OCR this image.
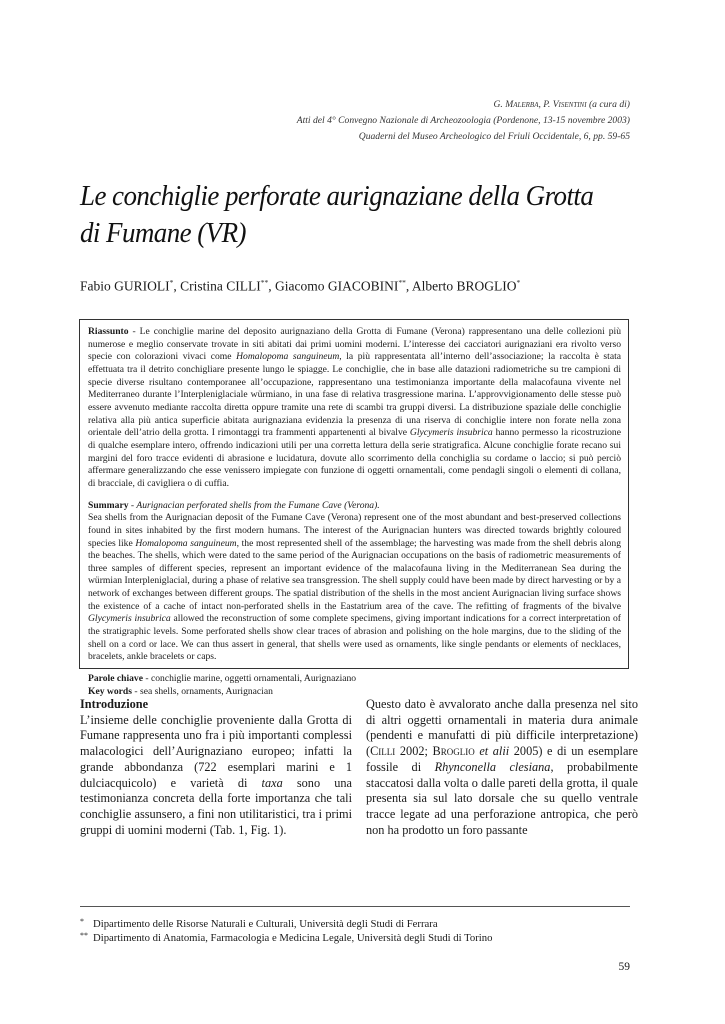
G. Malerba, P. Visentini (a cura di)
Atti del 4° Convegno Nazionale di Archeozoologia (Pordenone, 13-15 novembre 2003)
Quaderni del Museo Archeologico del Friuli Occidentale, 6, pp. 59-65
Le conchiglie perforate aurignaziane della Grotta di Fumane (VR)
Fabio GURIOLI*, Cristina CILLI**, Giacomo GIACOBINI**, Alberto BROGLIO*

Riassunto - Le conchiglie marine del deposito aurignaziano della Grotta di Fumane (Verona) rappresentano una delle collezioni più numerose e meglio conservate trovate in siti abitati dai primi uomini moderni. L’interesse dei cacciatori aurignaziani era rivolto verso specie con colorazioni vivaci come Homalopoma sanguineum, la più rappresentata all’interno dell’associazione; la raccolta è stata effettuata tra il detrito conchigliare presente lungo le spiagge. Le conchiglie, che in base alle datazioni radiometriche su tre campioni di specie diverse risultano contemporanee all’occupazione, rappresentano una testimonianza importante della malacofauna vivente nel Mediterraneo durante l’Interpleniglaciale würmiano, in una fase di relativa trasgressione marina. L’approvvigionamento delle stesse può essere avvenuto mediante raccolta diretta oppure tramite una rete di scambi tra gruppi diversi. La distribuzione spaziale delle conchiglie relativa alla più antica superficie abitata aurignaziana evidenzia la presenza di una riserva di conchiglie intere non forate nella zona orientale dell’atrio della grotta. I rimontaggi tra frammenti appartenenti al bivalve Glycymeris insubrica hanno permesso la ricostruzione di qualche esemplare intero, offrendo indicazioni utili per una corretta lettura della serie stratigrafica. Alcune conchiglie forate recano sui margini del foro tracce evidenti di abrasione e lucidatura, dovute allo scorrimento della conchiglia su cordame o laccio; si può perciò affermare generalizzando che esse venissero impiegate con funzione di oggetti ornamentali, come pendagli singoli o elementi di collana, di bracciale, di cavigliera o di cuffia.

Summary - Aurignacian perforated shells from the Fumane Cave (Verona).

Sea shells from the Aurignacian deposit of the Fumane Cave (Verona) represent one of the most abundant and best-preserved collections found in sites inhabited by the first modern humans. The interest of the Aurignacian hunters was directed towards brightly coloured species like Homalopoma sanguineum, the most represented shell of the assemblage; the harvesting was made from the shell debris along the beaches. The shells, which were dated to the same period of the Aurignacian occupations on the basis of radiometric measurements of three samples of different species, represent an important evidence of the malacofauna living in the Mediterranean Sea during the würmian Interpleniglacial, during a phase of relative sea transgression. The shell supply could have been made by direct harvesting or by a network of exchanges between different groups. The spatial distribution of the shells in the most ancient Aurignacian living surface shows the existence of a cache of intact non-perforated shells in the Eastatrium area of the cave. The refitting of fragments of the bivalve Glycymeris insubrica allowed the reconstruction of some complete specimens, giving important indications for a correct interpretation of the stratigraphic levels. Some perforated shells show clear traces of abrasion and polishing on the hole margins, due to the sliding of the shell on a cord or lace. We can thus assert in general, that shells were used as ornaments, like single pendants or elements of necklaces, bracelets, ankle bracelets or caps.

Parole chiave - conchiglie marine, oggetti ornamentali, Aurignaziano

Key words - sea shells, ornaments, Aurignacian

Introduzione

L’insieme delle conchiglie proveniente dalla Grotta di Fumane rappresenta uno fra i più importanti complessi malacologici dell’Aurignaziano europeo; infatti la grande abbondanza (722 esemplari marini e 1 dulciacquicolo) e varietà di taxa sono una testimonianza concreta della forte importanza che tali conchiglie assunsero, a fini non utilitaristici, tra i primi gruppi di uomini moderni (Tab. 1, Fig. 1).

Questo dato è avvalorato anche dalla presenza nel sito di altri oggetti ornamentali in materia dura animale (pendenti e manufatti di più difficile interpretazione) (Cilli 2002; Broglio et alii 2005) e di un esemplare fossile di Rhynconella clesiana, probabilmente staccatosi dalla volta o dalle pareti della grotta, il quale presenta sia sul lato dorsale che su quello ventrale tracce legate ad una perforazione antropica, che però non ha prodotto un foro passante

* Dipartimento delle Risorse Naturali e Culturali, Università degli Studi di Ferrara
** Dipartimento di Anatomia, Farmacologia e Medicina Legale, Università degli Studi di Torino
59
